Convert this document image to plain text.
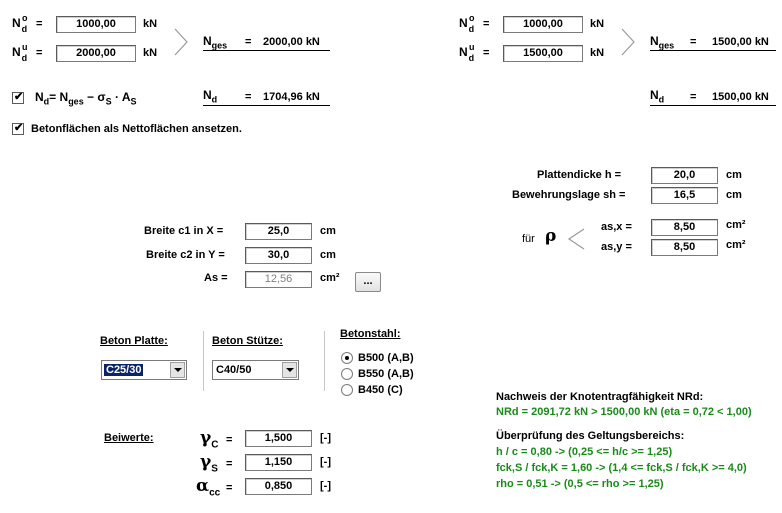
$N_d$
o =
1000,00	kN
$N_d$
u =
2000,00	kN
$N_{ges} = 2000,00$ kN
$N_d$
o =
1000,00	kN
$N_d$
u =
1500,00	kN
$N_{ges} = 1500,00$ kN
✔
$N_d= N_{ges} - \sigma_S \cdot A_S$	$N_d$	= 1704,96 kN	$N_d = 1500,00$ kN
✔
Betonflächen als Nettoflächen ansetzen.
Plattendicke h =
20,0	cm
Bewehrungslage sh =
16,5	cm
für ρ	as,x =
8,50	cm²
as,y =
8,50	cm²
Breite c1 in X =
25,0	cm
Breite c2 in Y =
30,0	cm
As =
12,56	cm²	...
Beton Platte:
C25/30
Beton Stütze:
C40/50
Betonstahl:
B500 (A,B)
B550 (A,B)
B450 (C)
Beiwerte:	$\gamma_C$ =
1,500	[-]
$\gamma_S$ =
1,150	[-]
$\alpha_{cc}$ =
0,850	[-]
Nachweis der Knotentragfähigkeit NRd:
NRd = 2091,72 kN > 1500,00 kN (eta = 0,72 < 1,00)
Überprüfung des Geltungsbereichs:
h / c = 0,80 -> (0,25 <= h/c >= 1,25)
fck,S / fck,K = 1,60 -> (1,4 <= fck,S / fck,K >= 4,0)
rho = 0,51 -> (0,5 <= rho >= 1,25)
